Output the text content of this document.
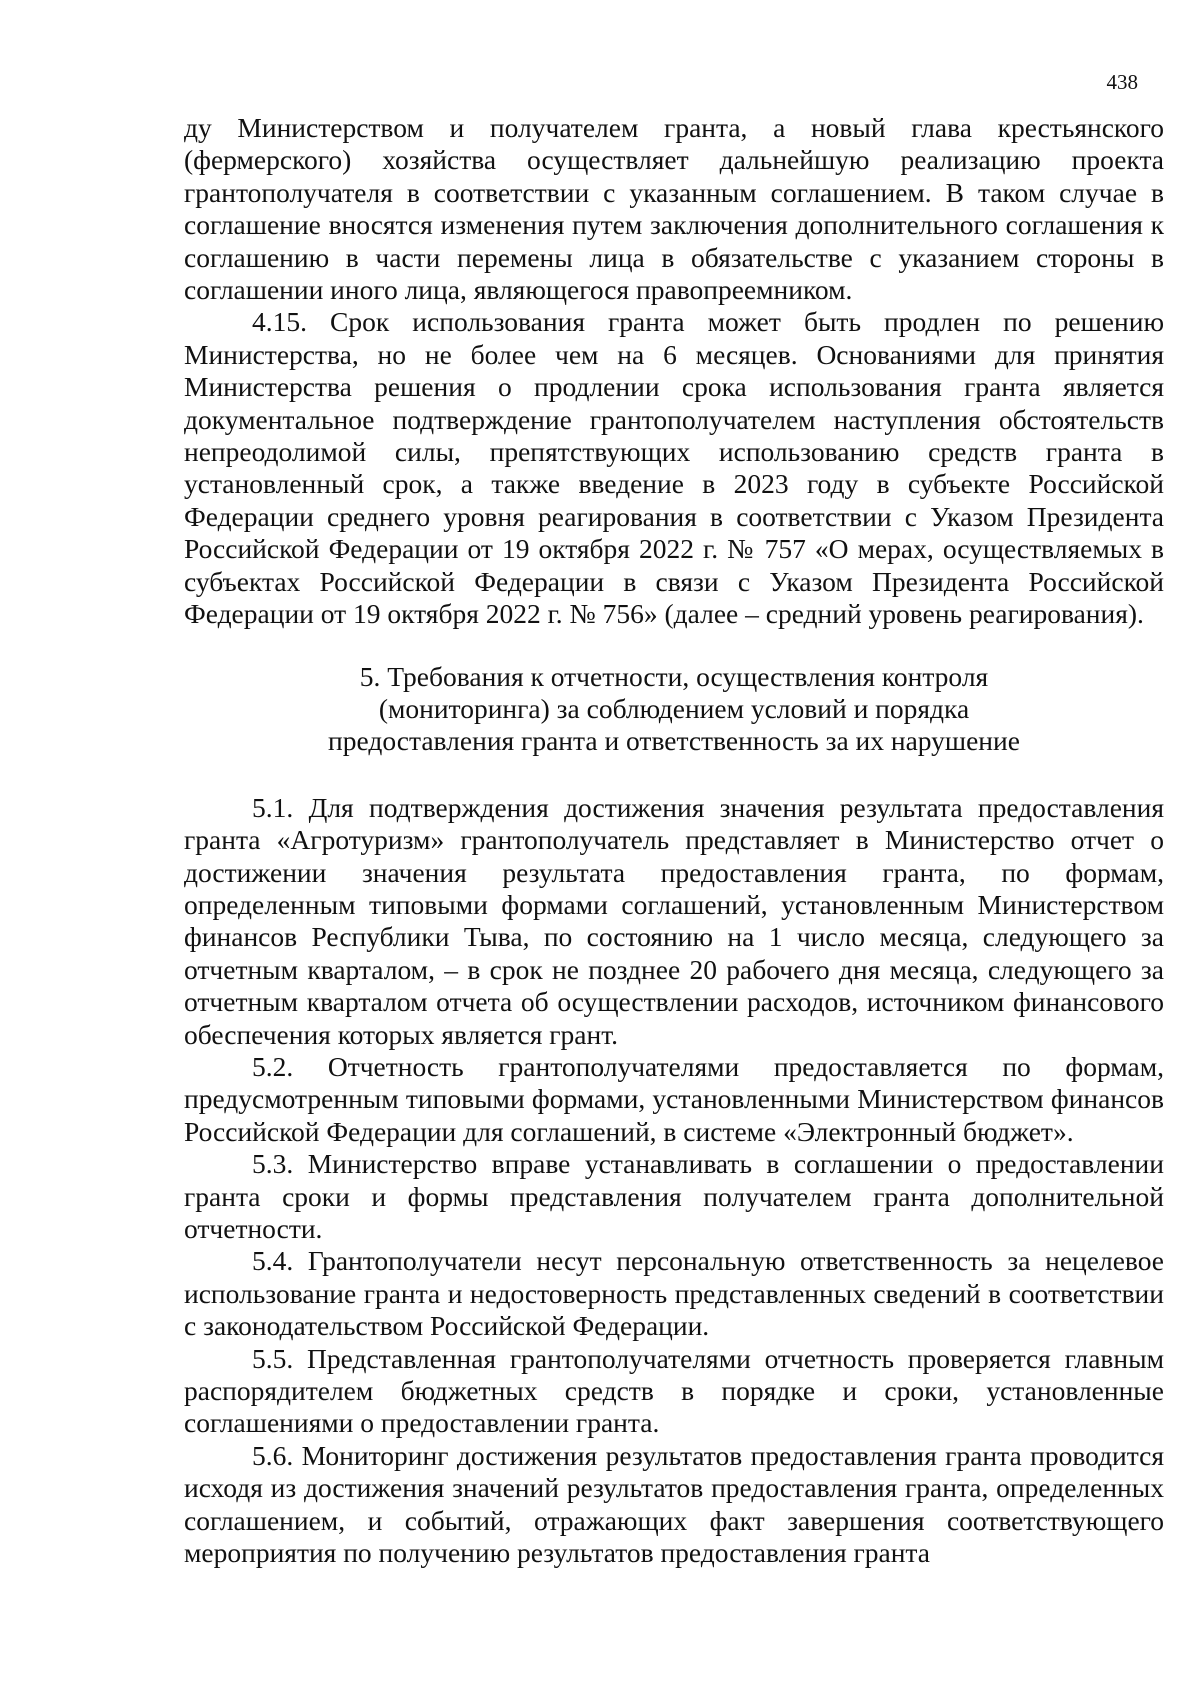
438

ду Министерством и получателем гранта, а новый глава крестьянского (фермерского) хозяйства осуществляет дальнейшую реализацию проекта грантополучателя в соответствии с указанным соглашением. В таком случае в соглашение вносятся изменения путем заключения дополнительного соглашения к соглашению в части перемены лица в обязательстве с указанием стороны в соглашении иного лица, являющегося правопреемником.

4.15. Срок использования гранта может быть продлен по решению Министерства, но не более чем на 6 месяцев. Основаниями для принятия Министерства решения о продлении срока использования гранта является документальное подтверждение грантополучателем наступления обстоятельств непреодолимой силы, препятствующих использованию средств гранта в установленный срок, а также введение в 2023 году в субъекте Российской Федерации среднего уровня реагирования в соответствии с Указом Президента Российской Федерации от 19 октября 2022 г. № 757 «О мерах, осуществляемых в субъектах Российской Федерации в связи с Указом Президента Российской Федерации от 19 октября 2022 г. № 756» (далее – средний уровень реагирования).

5. Требования к отчетности, осуществления контроля
(мониторинга) за соблюдением условий и порядка
предоставления гранта и ответственность за их нарушение

5.1. Для подтверждения достижения значения результата предоставления гранта «Агротуризм» грантополучатель представляет в Министерство отчет о достижении значения результата предоставления гранта, по формам, определенным типовыми формами соглашений, установленным Министерством финансов Республики Тыва, по состоянию на 1 число месяца, следующего за отчетным кварталом, – в срок не позднее 20 рабочего дня месяца, следующего за отчетным кварталом отчета об осуществлении расходов, источником финансового обеспечения которых является грант.

5.2. Отчетность грантополучателями предоставляется по формам, предусмотренным типовыми формами, установленными Министерством финансов Российской Федерации для соглашений, в системе «Электронный бюджет».

5.3. Министерство вправе устанавливать в соглашении о предоставлении гранта сроки и формы представления получателем гранта дополнительной отчетности.

5.4. Грантополучатели несут персональную ответственность за нецелевое использование гранта и недостоверность представленных сведений в соответствии с законодательством Российской Федерации.

5.5. Представленная грантополучателями отчетность проверяется главным распорядителем бюджетных средств в порядке и сроки, установленные соглашениями о предоставлении гранта.

5.6. Мониторинг достижения результатов предоставления гранта проводится исходя из достижения значений результатов предоставления гранта, определенных соглашением, и событий, отражающих факт завершения соответствующего мероприятия по получению результатов предоставления гранта
